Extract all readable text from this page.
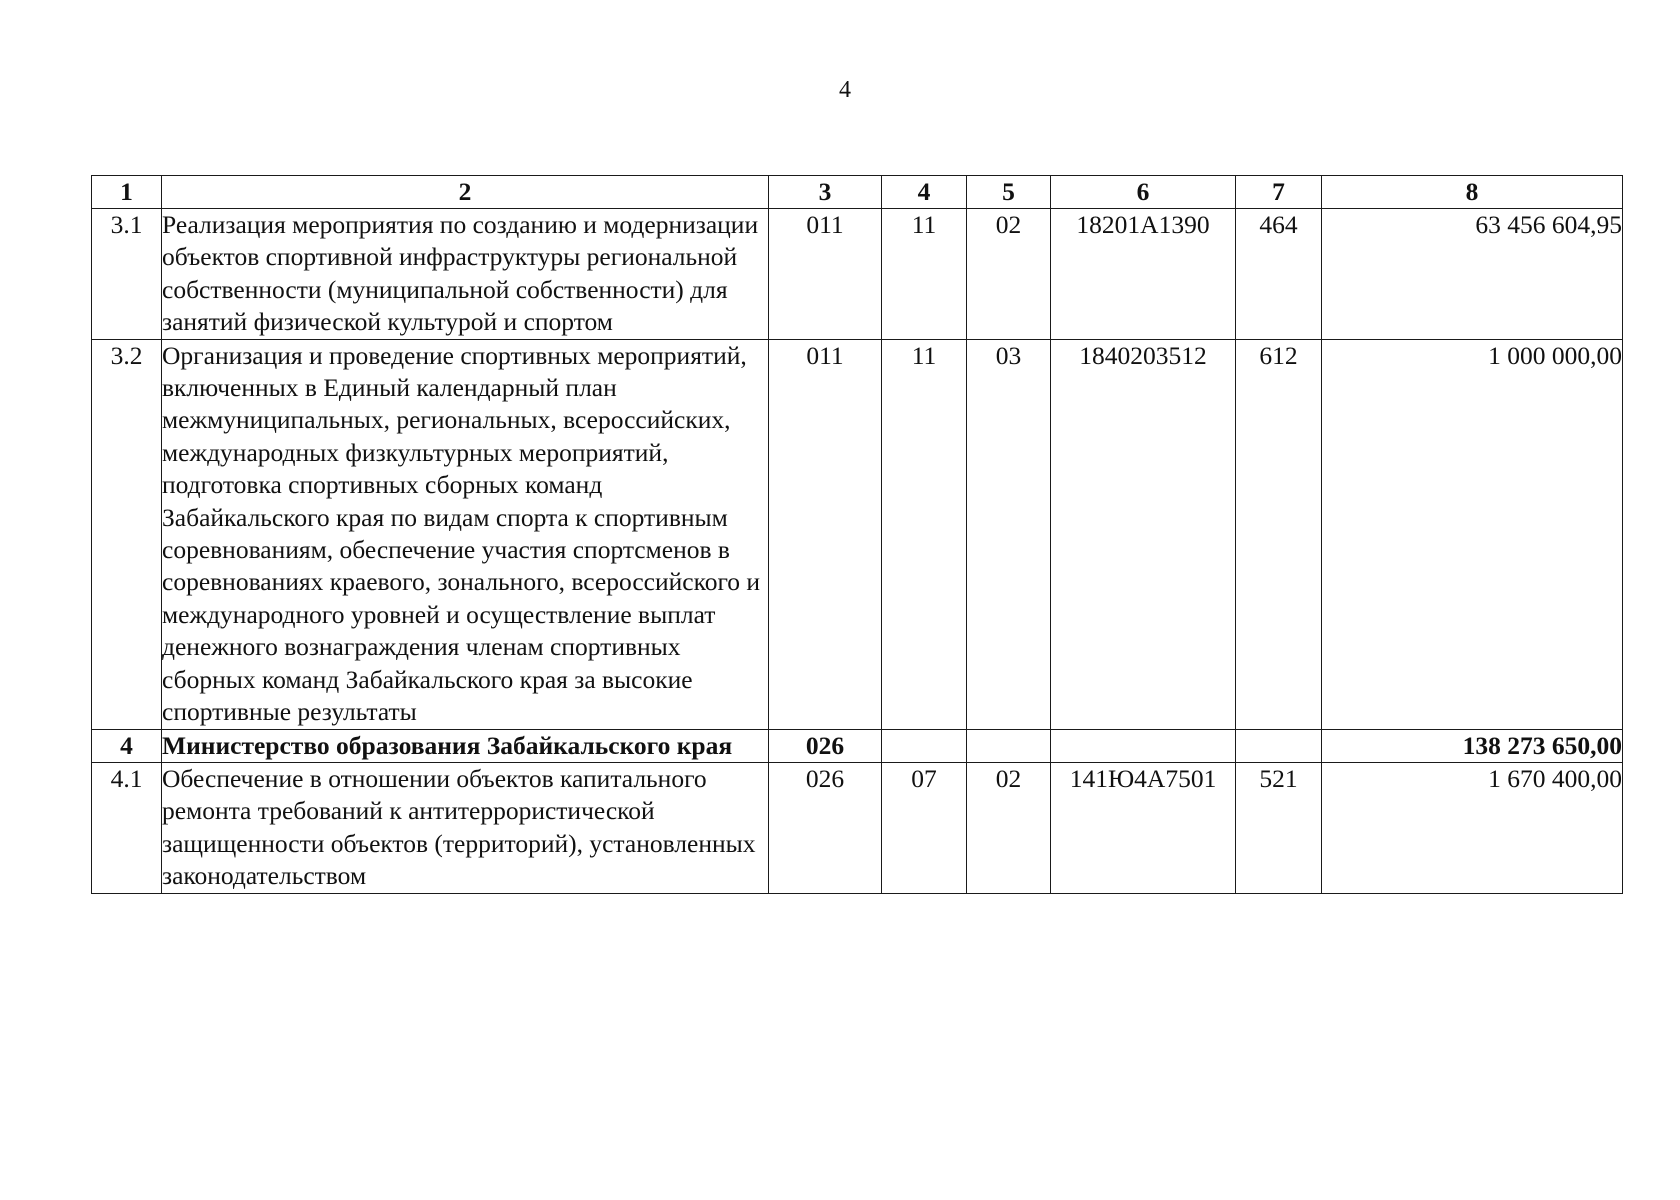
4
1	2	3	4	5	6	7	8
3.1	Реализация мероприятия по созданию и модернизации объектов спортивной инфраструктуры региональной собственности (муниципальной собственности) для занятий физической культурой и спортом	011	11	02	18201A1390	464	63 456 604,95
3.2	Организация и проведение спортивных мероприятий, включенных в Единый календарный план межмуниципальных, региональных, всероссийских, международных физкультурных мероприятий, подготовка спортивных сборных команд Забайкальского края по видам спорта к спортивным соревнованиям, обеспечение участия спортсменов в соревнованиях краевого, зонального, всероссийского и международного уровней и осуществление выплат денежного вознаграждения членам спортивных сборных команд Забайкальского края за высокие спортивные результаты	011	11	03	1840203512	612	1 000 000,00
4	Министерство образования Забайкальского края	026					138 273 650,00
4.1	Обеспечение в отношении объектов капитального ремонта требований к антитеррористической защищенности объектов (территорий), установленных законодательством	026	07	02	141Ю4А7501	521	1 670 400,00
